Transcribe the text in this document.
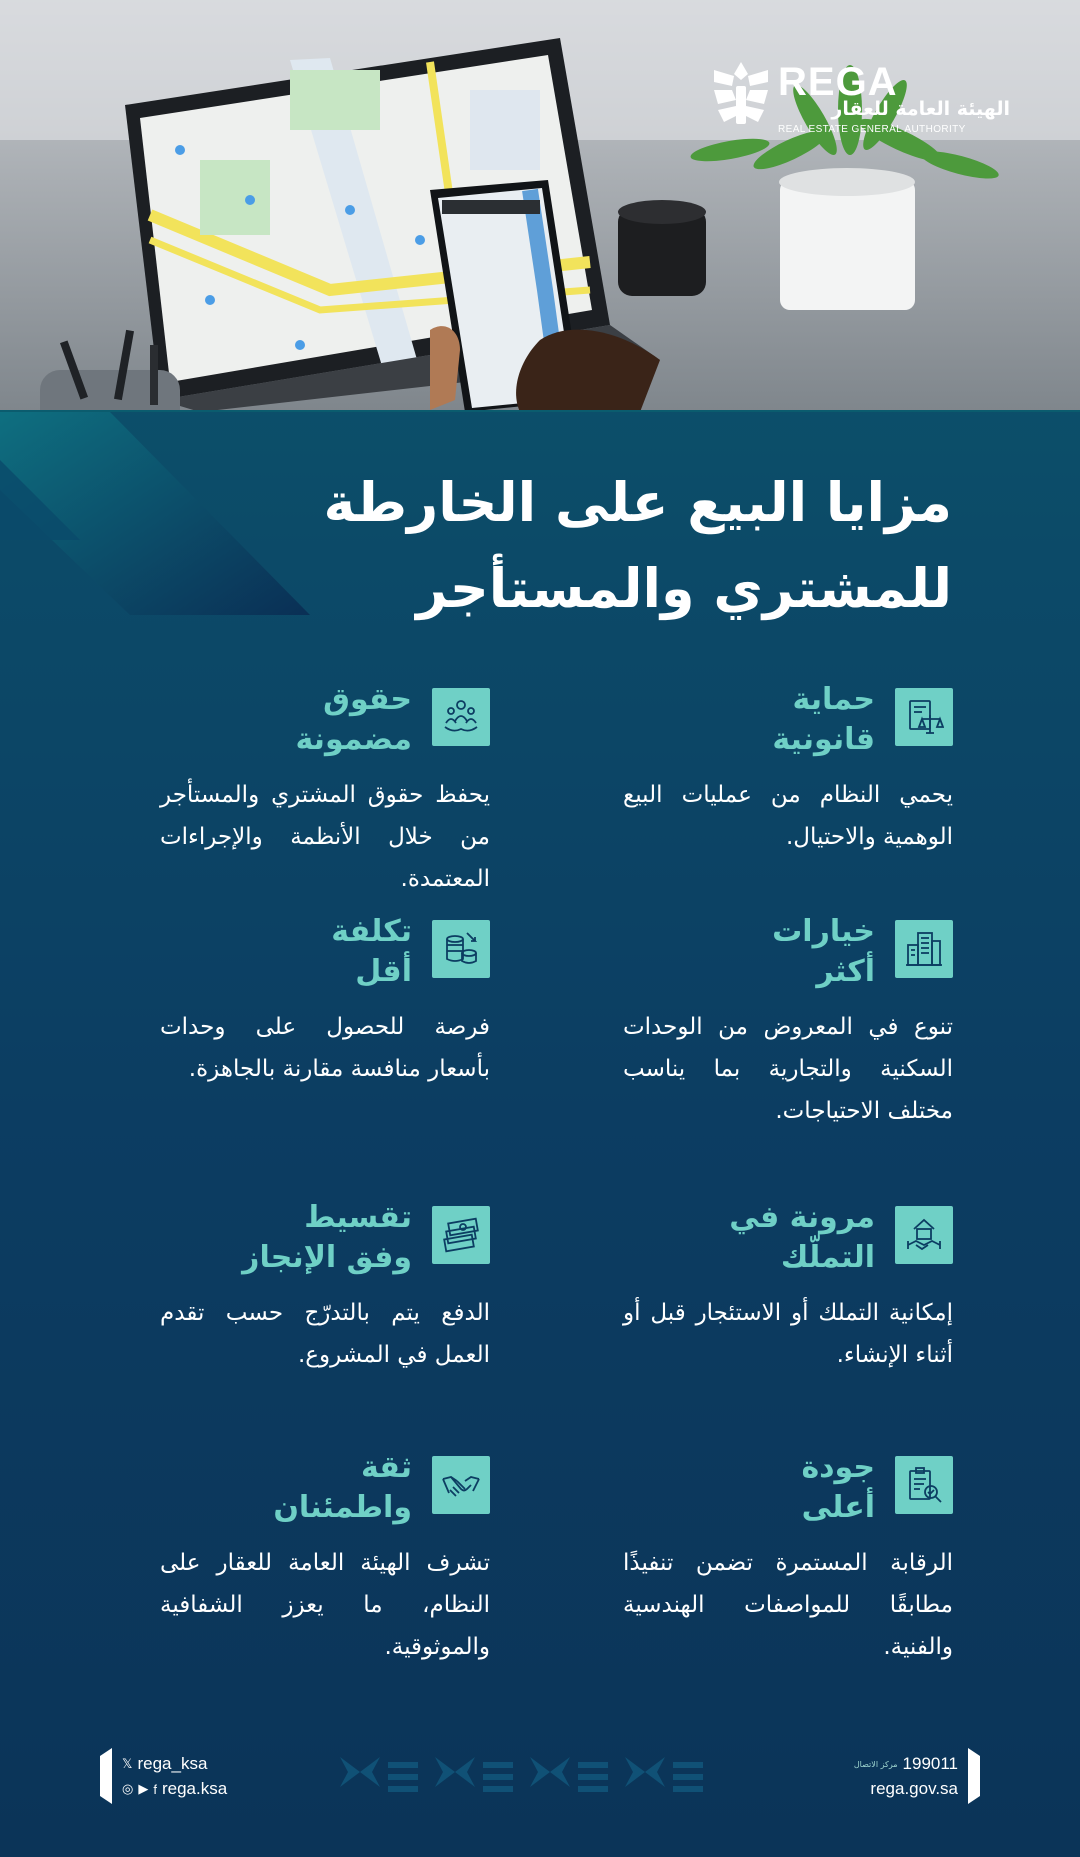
REGA
الهيئة العامة للعقار
REAL ESTATE GENERAL AUTHORITY
مزايا البيع على الخارطة
للمشتري والمستأجر
حماية
قانونية
يحمي النظام من عمليات البيع الوهمية والاحتيال.
حقوق
مضمونة
يحفظ حقوق المشتري والمستأجر من خلال الأنظمة والإجراءات المعتمدة.
خيارات
أكثر
تنوع في المعروض من الوحدات السكنية والتجارية بما يناسب مختلف الاحتياجات.
تكلفة
أقل
فرصة للحصول على وحدات بأسعار منافسة مقارنة بالجاهزة.
مرونة في
التملّك
إمكانية التملك أو الاستئجار قبل أو أثناء الإنشاء.
تقسيط
وفق الإنجاز
الدفع يتم بالتدرّج حسب تقدم العمل في المشروع.
جودة
أعلى
الرقابة المستمرة تضمن تنفيذًا مطابقًا للمواصفات الهندسية والفنية.
ثقة
واطمئنان
تشرف الهيئة العامة للعقار على النظام، ما يعزز الشفافية والموثوقية.
𝕏 rega_ksa
◎ ▶ f rega.ksa
مركز الاتصال 199011
rega.gov.sa
